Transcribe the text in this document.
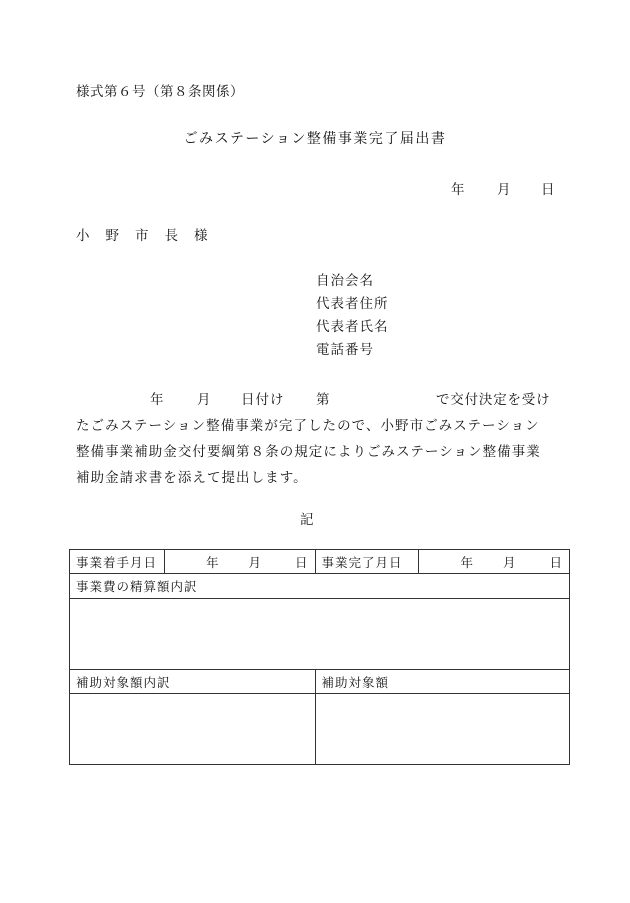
様式第６号（第８条関係）
ごみステーション整備事業完了届出書
年 月 日
小野市長様
自治会名
代表者住所
代表者氏名
電話番号
年 月 日付け 第	で交付決定を受け
たごみステーション整備事業が完了したので、小野市ごみステーション
整備事業補助金交付要綱第８条の規定によりごみステーション整備事業
補助金請求書を添えて提出します。
記
事業着手月日	年 月 日	事業完了月日	年 月 日
事業費の精算額内訳			

補助対象額内訳		補助対象額	
